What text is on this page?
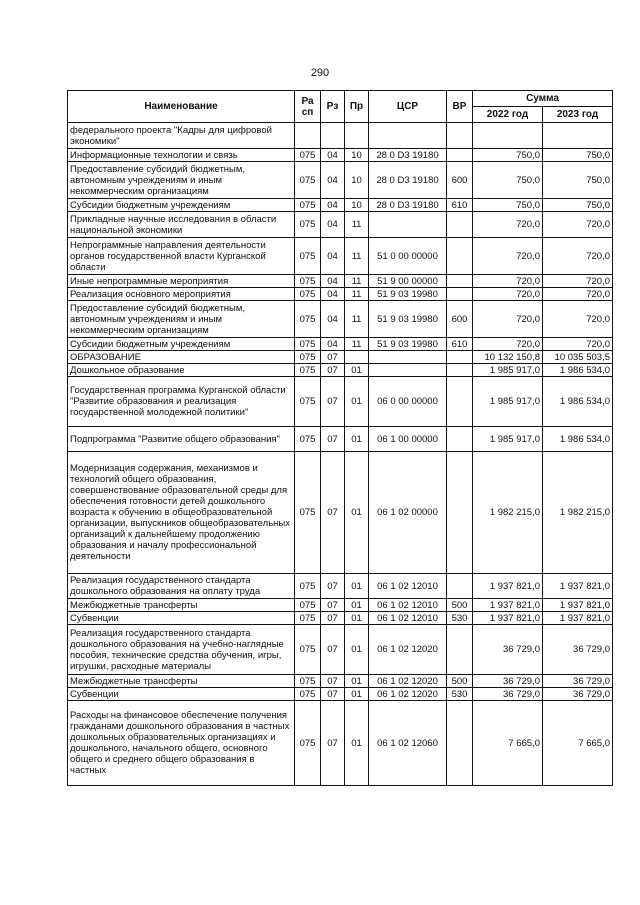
290
Наименование	Ра сп	Рз	Пр	ЦСР	ВР	Сумма	
						2022 год	2023 год
федерального проекта "Кадры для цифровой экономики"							
Информационные технологии и связь	075	04	10	28 0 D3 19180		750,0	750,0
Предоставление субсидий бюджетным, автономным учреждениям и иным некоммерческим организациям	075	04	10	28 0 D3 19180	600	750,0	750,0
Субсидии бюджетным учреждениям	075	04	10	28 0 D3 19180	610	750,0	750,0
Прикладные научные исследования в области национальной экономики	075	04	11			720,0	720,0
Непрограммные направления деятельности органов государственной власти Курганской области	075	04	11	51 0 00 00000		720,0	720,0
Иные непрограммные мероприятия	075	04	11	51 9 00 00000		720,0	720,0
Реализация основного мероприятия	075	04	11	51 9 03 19980		720,0	720,0
Предоставление субсидий бюджетным, автономным учреждениям и иным некоммерческим организациям	075	04	11	51 9 03 19980	600	720,0	720,0
Субсидии бюджетным учреждениям	075	04	11	51 9 03 19980	610	720,0	720,0
ОБРАЗОВАНИЕ	075	07				10 132 150,8	10 035 503,5
Дошкольное образование	075	07	01			1 985 917,0	1 986 534,0
Государственная программа Курганской области "Развитие образования и реализация государственной молодежной политики"	075	07	01	06 0 00 00000		1 985 917,0	1 986 534,0
Подпрограмма "Развитие общего образования"	075	07	01	06 1 00 00000		1 985 917,0	1 986 534,0
Модернизация содержания, механизмов и технологий общего образования, совершенствование образовательной среды для обеспечения готовности детей дошкольного возраста к обучению в общеобразовательной организации, выпускников общеобразовательных организаций к дальнейшему продолжению образования и началу профессиональной деятельности	075	07	01	06 1 02 00000		1 982 215,0	1 982 215,0
Реализация государственного стандарта дошкольного образования на оплату труда	075	07	01	06 1 02 12010		1 937 821,0	1 937 821,0
Межбюджетные трансферты	075	07	01	06 1 02 12010	500	1 937 821,0	1 937 821,0
Субвенции	075	07	01	06 1 02 12010	530	1 937 821,0	1 937 821,0
Реализация государственного стандарта дошкольного образования на учебно-наглядные пособия, технические средства обучения, игры, игрушки, расходные материалы	075	07	01	06 1 02 12020		36 729,0	36 729,0
Межбюджетные трансферты	075	07	01	06 1 02 12020	500	36 729,0	36 729,0
Субвенции	075	07	01	06 1 02 12020	530	36 729,0	36 729,0
Расходы на финансовое обеспечение получения гражданами дошкольного образования в частных дошкольных образовательных организациях и дошкольного, начального общего, основного общего и среднего общего образования в частных	075	07	01	06 1 02 12060		7 665,0	7 665,0
